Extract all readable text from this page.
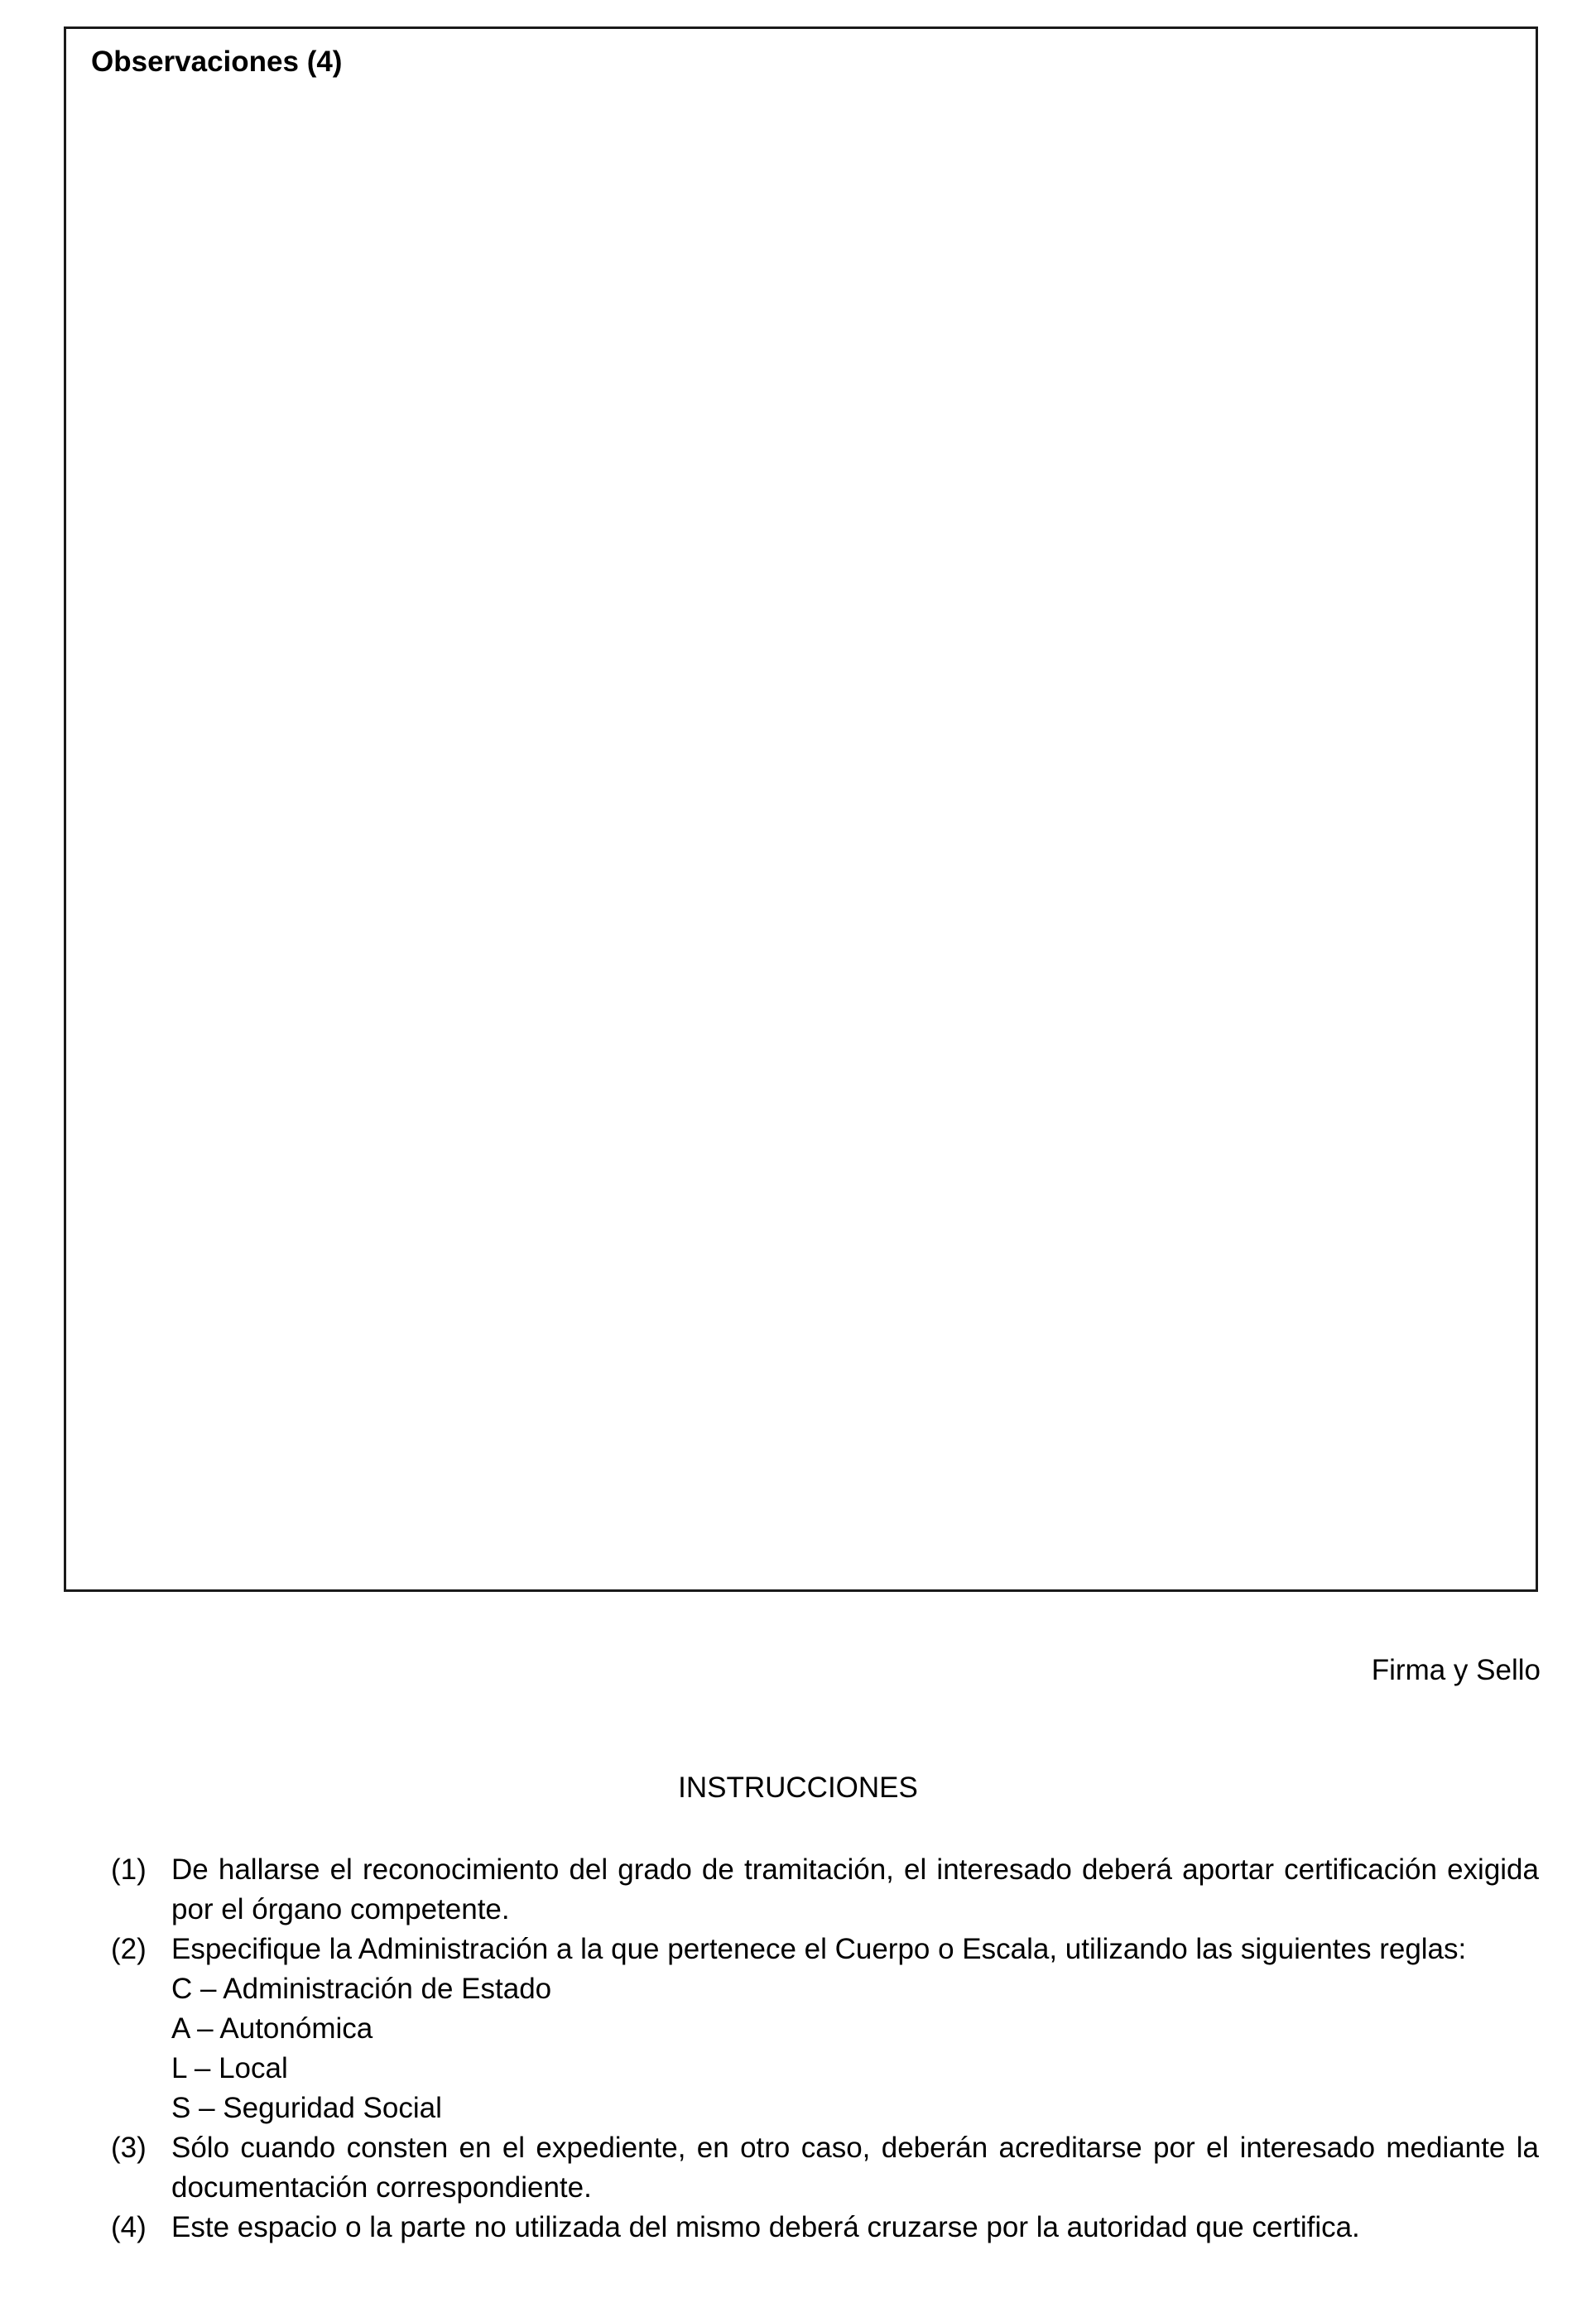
Observaciones (4)
Firma y Sello
INSTRUCCIONES
(1) De hallarse el reconocimiento del grado de tramitación, el interesado deberá aportar certificación exigida por el órgano competente.
(2) Especifique la Administración a la que pertenece el Cuerpo o Escala, utilizando las siguientes reglas:
C – Administración de Estado
A – Autonómica
L – Local
S – Seguridad Social
(3) Sólo cuando consten en el expediente, en otro caso, deberán acreditarse por el interesado mediante la documentación correspondiente.
(4) Este espacio o la parte no utilizada del mismo deberá cruzarse por la autoridad que certifica.
